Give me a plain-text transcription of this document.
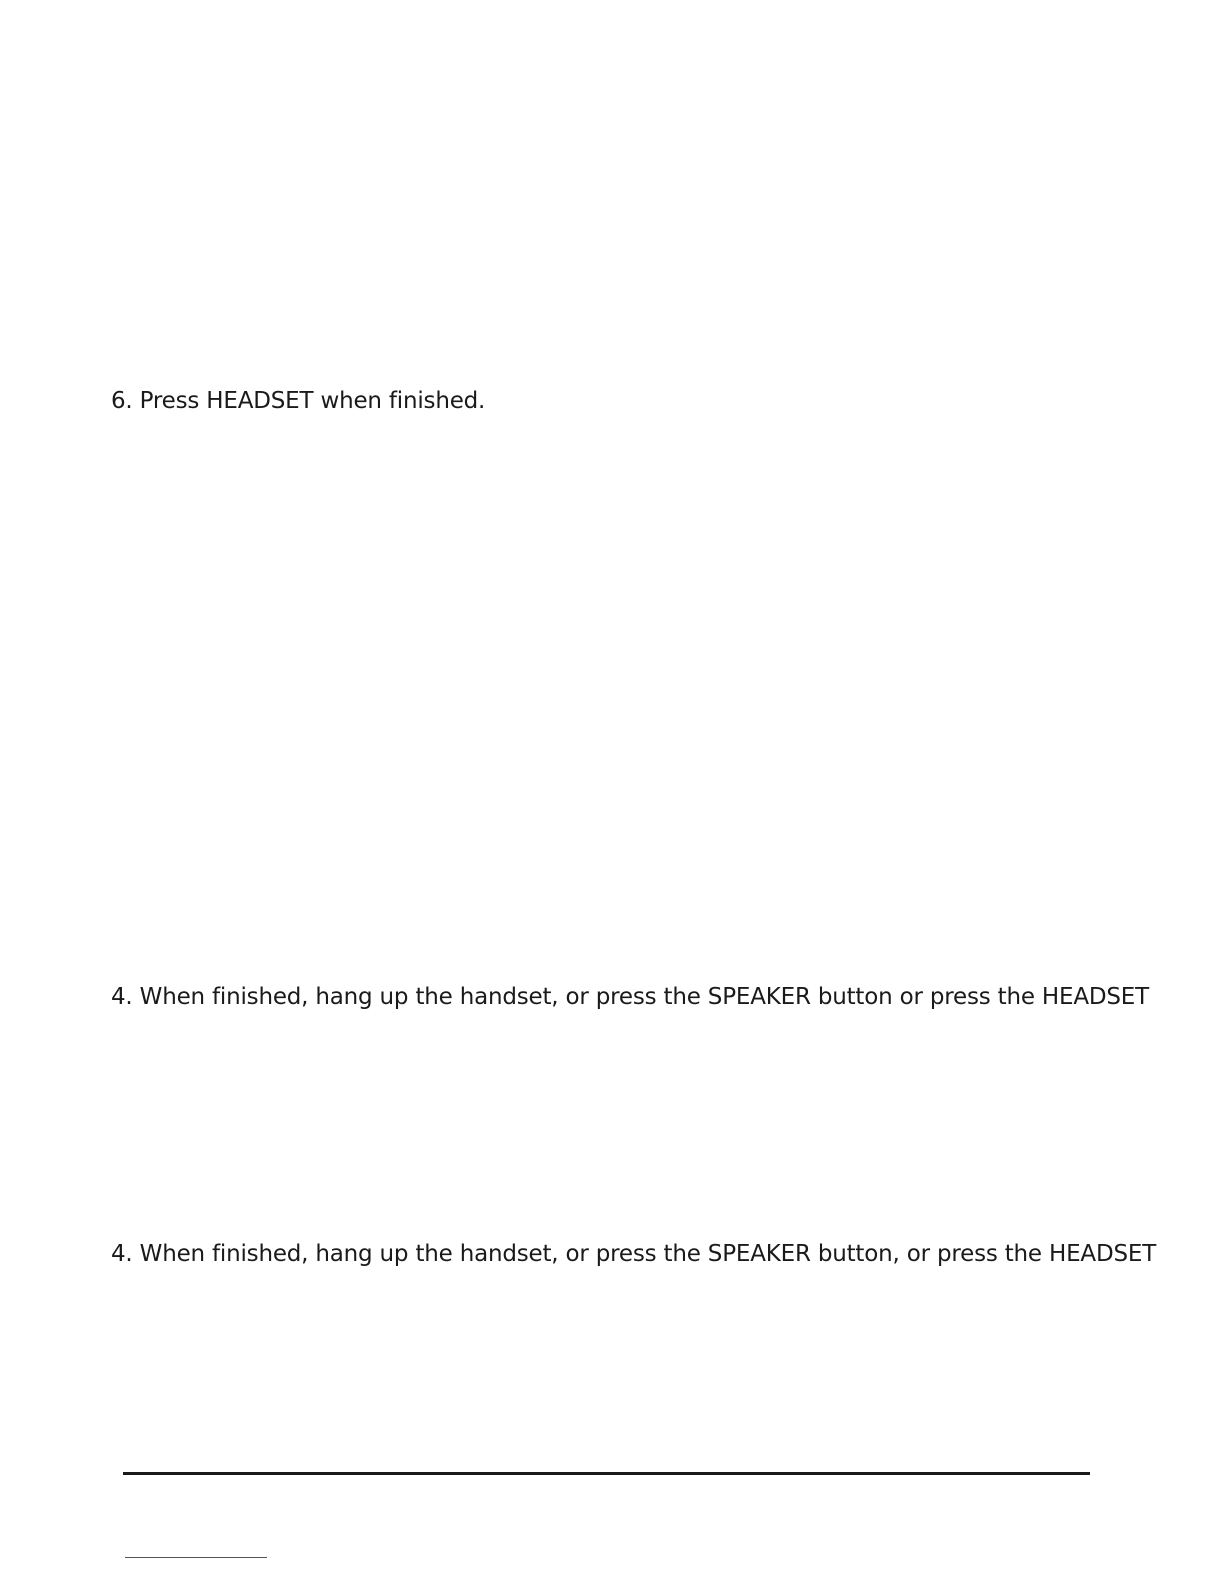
6. Press HEADSET when finished.
4. When finished, hang up the handset, or press the SPEAKER button or press the HEADSET
4. When finished, hang up the handset, or press the SPEAKER button, or press the HEADSET
